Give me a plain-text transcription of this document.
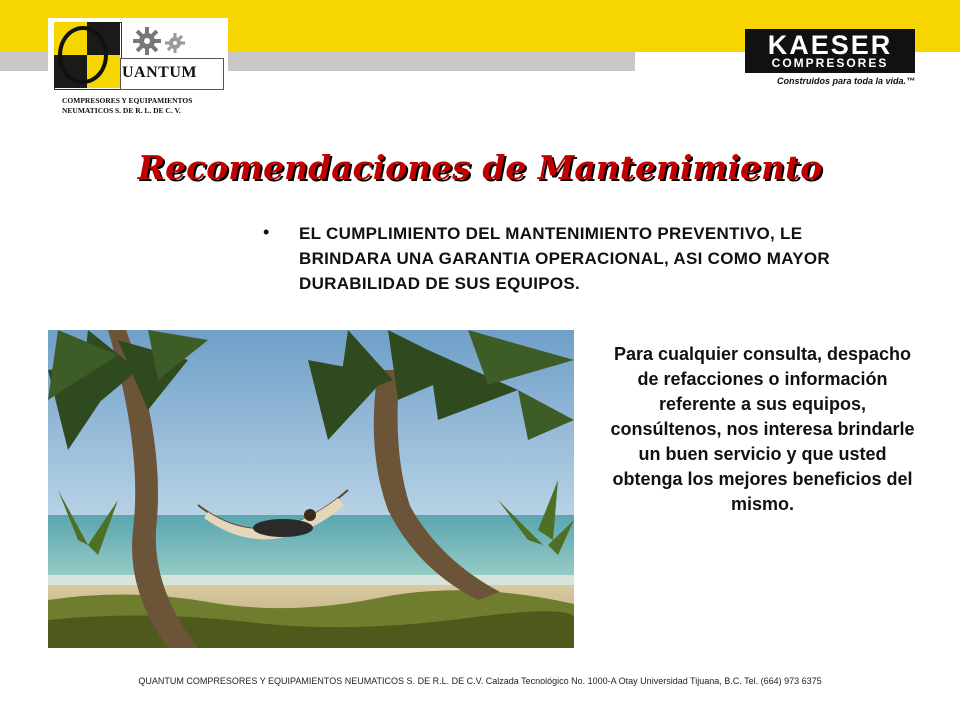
UANTUM
COMPRESORES Y EQUIPAMIENTOS
NEUMATICOS S. DE R. L. DE C. V.
KAESER
COMPRESORES
Construidos para toda la vida.™
Recomendaciones de Mantenimiento
• EL CUMPLIMIENTO DEL MANTENIMIENTO PREVENTIVO, LE BRINDARA UNA GARANTIA OPERACIONAL, ASI COMO MAYOR DURABILIDAD DE SUS EQUIPOS.

Para cualquier consulta, despacho de refacciones o información referente a sus equipos, consúltenos, nos interesa brindarle un buen servicio y que usted obtenga los mejores beneficios del mismo.

QUANTUM COMPRESORES Y EQUIPAMIENTOS NEUMATICOS S. DE R.L. DE C.V. Calzada Tecnológico No. 1000-A Otay Universidad Tijuana, B.C. Tel. (664) 973 6375
